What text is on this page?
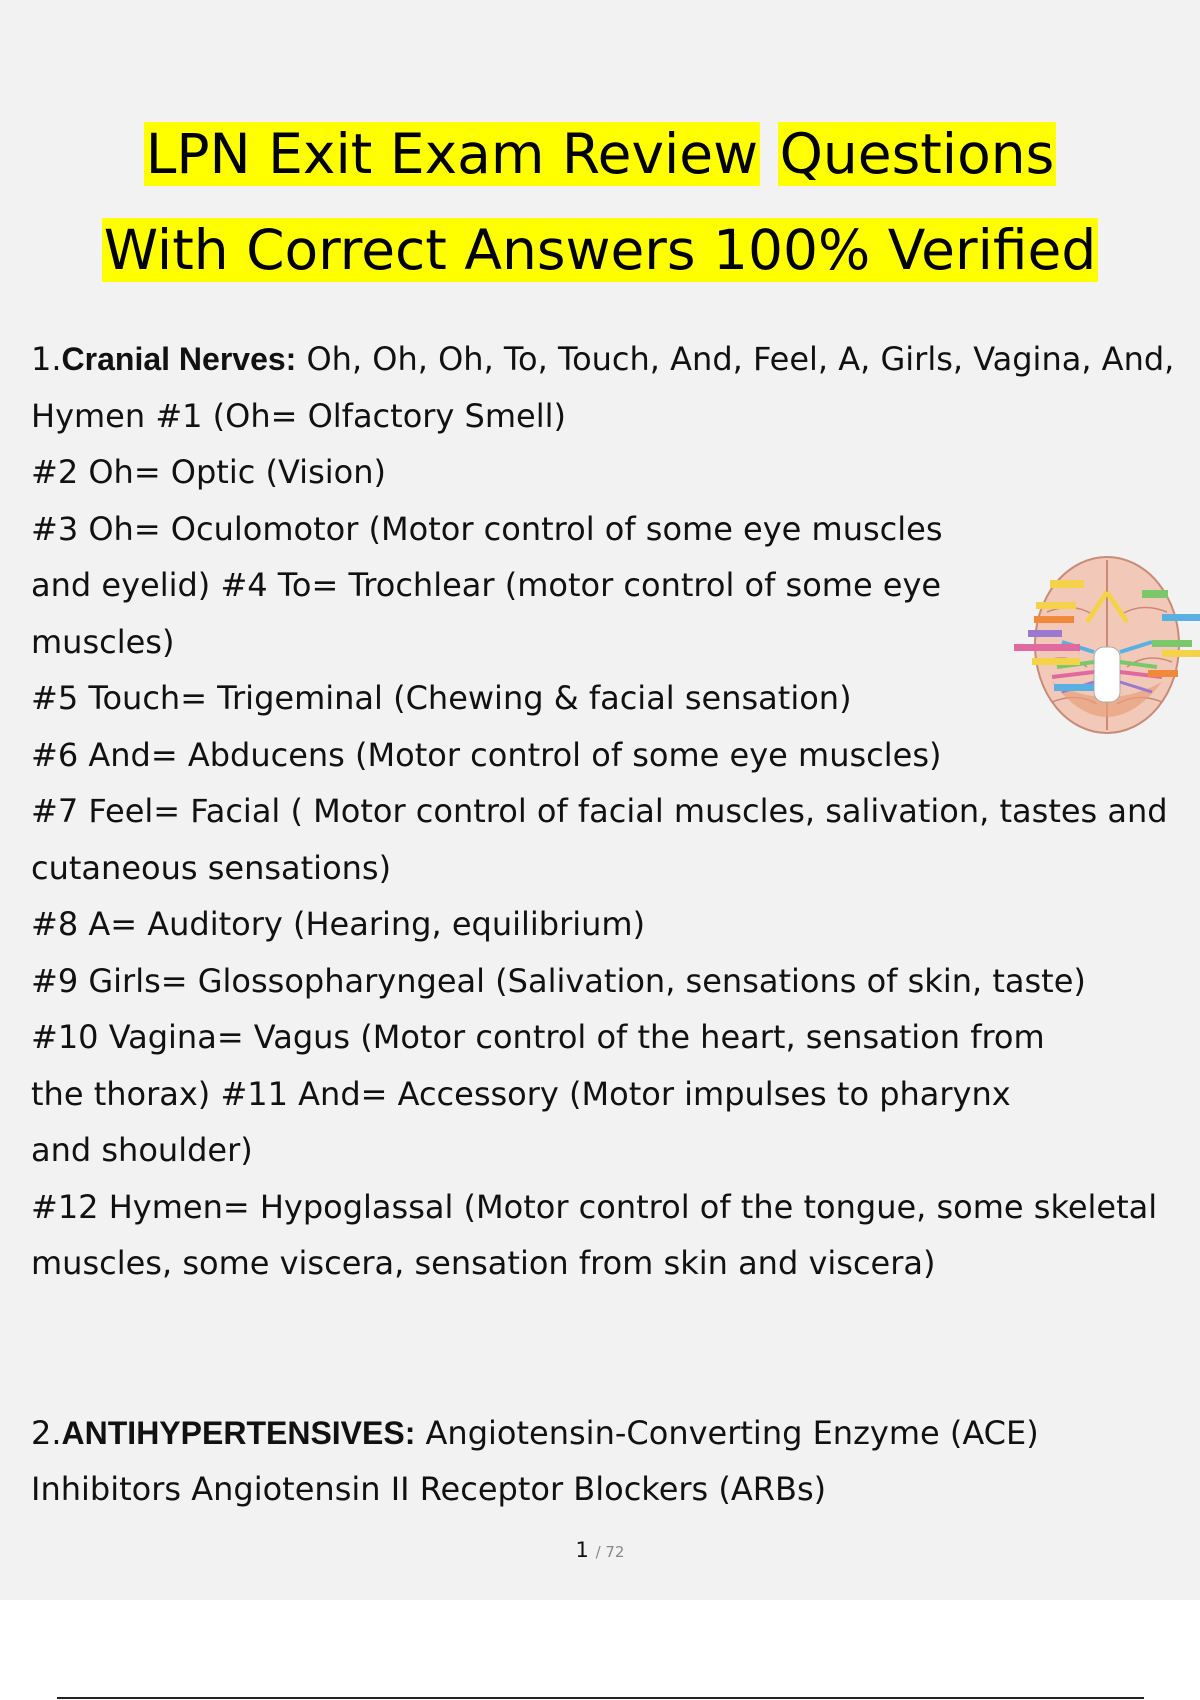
LPN Exit Exam Review Questions

With Correct Answers 100% Verified

1.Cranial Nerves: Oh, Oh, Oh, To, Touch, And, Feel, A, Girls, Vagina, And,

Hymen #1 (Oh= Olfactory Smell)

#2 Oh= Optic (Vision)

#3 Oh= Oculomotor (Motor control of some eye muscles

and eyelid) #4 To= Trochlear (motor control of some eye

muscles)

#5 Touch= Trigeminal (Chewing & facial sensation)

#6 And= Abducens (Motor control of some eye muscles)

#7 Feel= Facial ( Motor control of facial muscles, salivation, tastes and

cutaneous sensations)

#8 A= Auditory (Hearing, equilibrium)

#9 Girls= Glossopharyngeal (Salivation, sensations of skin, taste)

#10 Vagina= Vagus (Motor control of the heart, sensation from

the thorax) #11 And= Accessory (Motor impulses to pharynx

and shoulder)

#12 Hymen= Hypoglassal (Motor control of the tongue, some skeletal

muscles, some viscera, sensation from skin and viscera)

2.ANTIHYPERTENSIVES: Angiotensin-Converting Enzyme (ACE)

Inhibitors Angiotensin II Receptor Blockers (ARBs)

1 / 72
